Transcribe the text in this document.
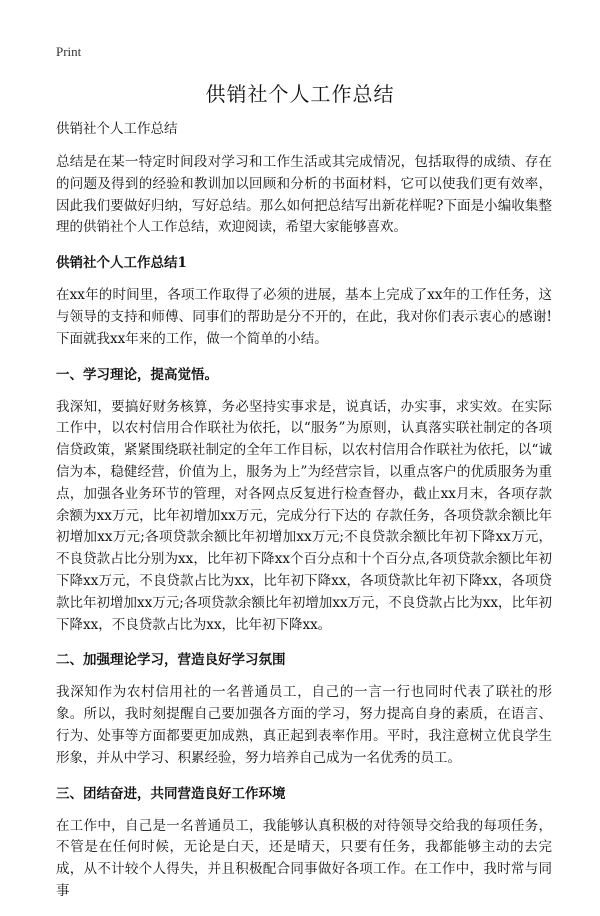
Print
供销社个人工作总结
供销社个人工作总结

总结是在某一特定时间段对学习和工作生活或其完成情况，包括取得的成绩、存在的问题及得到的经验和教训加以回顾和分析的书面材料，它可以使我们更有效率，因此我们要做好归纳，写好总结。那么如何把总结写出新花样呢?下面是小编收集整理的供销社个人工作总结，欢迎阅读，希望大家能够喜欢。

供销社个人工作总结1

在xx年的时间里，各项工作取得了必须的进展，基本上完成了xx年的工作任务，这与领导的支持和师傅、同事们的帮助是分不开的，在此，我对你们表示衷心的感谢!下面就我xx年来的工作，做一个简单的小结。

一、学习理论，提高觉悟。

我深知，要搞好财务核算，务必坚持实事求是，说真话，办实事，求实效。在实际工作中，以农村信用合作联社为依托，以“服务”为原则，认真落实联社制定的各项信贷政策，紧紧围绕联社制定的全年工作目标，以农村信用合作联社为依托，以“诚信为本，稳健经营，价值为上，服务为上”为经营宗旨，以重点客户的优质服务为重点，加强各业务环节的管理，对各网点反复进行检查督办，截止xx月末，各项存款余额为xx万元，比年初增加xx万元，完成分行下达的 存款任务，各项贷款余额比年初增加xx万元;各项贷款余额比年初增加xx万元;不良贷款余额比年初下降xx万元，不良贷款占比分别为xx，比年初下降xx个百分点和十个百分点,各项贷款余额比年初下降xx万元，不良贷款占比为xx，比年初下降xx，各项贷款比年初下降xx，各项贷款比年初增加xx万元;各项贷款余额比年初增加xx万元，不良贷款占比为xx，比年初下降xx，不良贷款占比为xx，比年初下降xx。

二、加强理论学习，营造良好学习氛围

我深知作为农村信用社的一名普通员工，自己的一言一行也同时代表了联社的形象。所以，我时刻提醒自己要加强各方面的学习，努力提高自身的素质，在语言、行为、处事等方面都要更加成熟，真正起到表率作用。平时，我注意树立优良学生形象，并从中学习、积累经验，努力培养自己成为一名优秀的员工。

三、团结奋进，共同营造良好工作环境

在工作中，自己是一名普通员工，我能够认真积极的对待领导交给我的每项任务，不管是在任何时候，无论是白天，还是晴天，只要有任务，我都能够主动的去完成，从不计较个人得失，并且积极配合同事做好各项工作。在工作中，我时常与同事
